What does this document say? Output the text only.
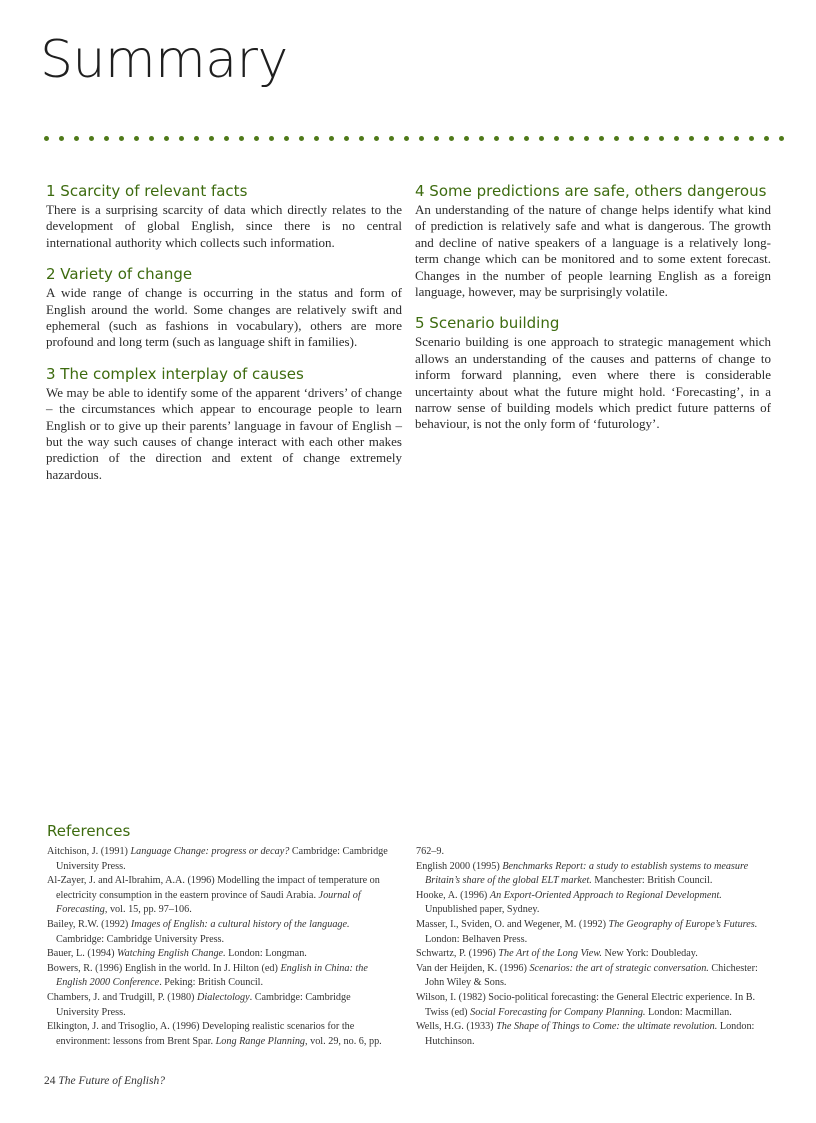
Summary
1 Scarcity of relevant facts

There is a surprising scarcity of data which directly relates to the development of global English, since there is no central international authority which collects such information.

2 Variety of change

A wide range of change is occurring in the status and form of English around the world. Some changes are relatively swift and ephemeral (such as fashions in vocabulary), others are more profound and long term (such as language shift in families).

3 The complex interplay of causes

We may be able to identify some of the apparent ‘drivers’ of change – the circumstances which appear to encourage people to learn English or to give up their parents’ language in favour of English – but the way such causes of change interact with each other makes prediction of the direction and extent of change extremely hazardous.

4 Some predictions are safe, others dangerous

An understanding of the nature of change helps identify what kind of prediction is relatively safe and what is dangerous. The growth and decline of native speakers of a language is a relatively long-term change which can be monitored and to some extent forecast. Changes in the number of people learning English as a foreign language, however, may be surprisingly volatile.

5 Scenario building

Scenario building is one approach to strategic management which allows an understanding of the causes and patterns of change to inform forward planning, even where there is considerable uncertainty about what the future might hold. ‘Forecasting’, in a narrow sense of building models which predict future patterns of behaviour, is not the only form of ‘futurology’.

References

Aitchison, J. (1991) Language Change: progress or decay? Cambridge: Cambridge University Press.

Al-Zayer, J. and Al-Ibrahim, A.A. (1996) Modelling the impact of temperature on electricity consumption in the eastern province of Saudi Arabia. Journal of Forecasting, vol. 15, pp. 97–106.

Bailey, R.W. (1992) Images of English: a cultural history of the language. Cambridge: Cambridge University Press.

Bauer, L. (1994) Watching English Change. London: Longman.

Bowers, R. (1996) English in the world. In J. Hilton (ed) English in China: the English 2000 Conference. Peking: British Council.

Chambers, J. and Trudgill, P. (1980) Dialectology. Cambridge: Cambridge University Press.

Elkington, J. and Trisoglio, A. (1996) Developing realistic scenarios for the environment: lessons from Brent Spar. Long Range Planning, vol. 29, no. 6, pp.

762–9.

English 2000 (1995) Benchmarks Report: a study to establish systems to measure Britain’s share of the global ELT market. Manchester: British Council.

Hooke, A. (1996) An Export-Oriented Approach to Regional Development. Unpublished paper, Sydney.

Masser, I., Sviden, O. and Wegener, M. (1992) The Geography of Europe’s Futures. London: Belhaven Press.

Schwartz, P. (1996) The Art of the Long View. New York: Doubleday.

Van der Heijden, K. (1996) Scenarios: the art of strategic conversation. Chichester: John Wiley & Sons.

Wilson, I. (1982) Socio-political forecasting: the General Electric experience. In B. Twiss (ed) Social Forecasting for Company Planning. London: Macmillan.

Wells, H.G. (1933) The Shape of Things to Come: the ultimate revolution. London: Hutchinson.

24 The Future of English?
